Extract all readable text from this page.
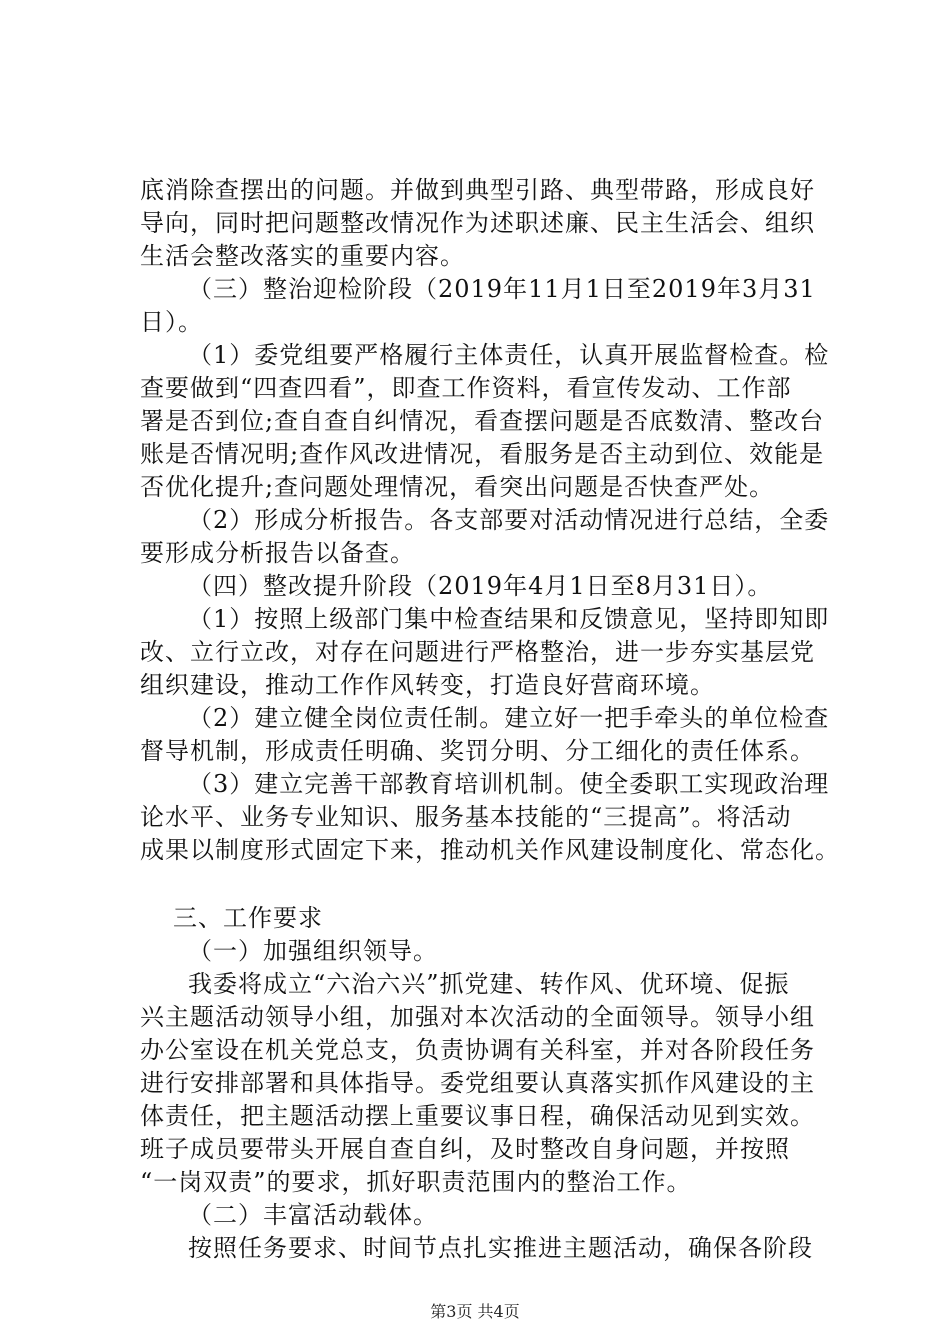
底消除查摆出的问题。并做到典型引路、典型带路，形成良好
导向，同时把问题整改情况作为述职述廉、民主生活会、组织
生活会整改落实的重要内容。
（三）整治迎检阶段（2019年11月1日至2019年3月31
日）。
（1）委党组要严格履行主体责任，认真开展监督检查。检
查要做到“四查四看”，即查工作资料，看宣传发动、工作部
署是否到位;查自查自纠情况，看查摆问题是否底数清、整改台
账是否情况明;查作风改进情况，看服务是否主动到位、效能是
否优化提升;查问题处理情况，看突出问题是否快查严处。
（2）形成分析报告。各支部要对活动情况进行总结，全委
要形成分析报告以备查。
（四）整改提升阶段（2019年4月1日至8月31日）。
（1）按照上级部门集中检查结果和反馈意见，坚持即知即
改、立行立改，对存在问题进行严格整治，进一步夯实基层党
组织建设，推动工作作风转变，打造良好营商环境。
（2）建立健全岗位责任制。建立好一把手牵头的单位检查
督导机制，形成责任明确、奖罚分明、分工细化的责任体系。
（3）建立完善干部教育培训机制。使全委职工实现政治理
论水平、业务专业知识、服务基本技能的“三提高”。将活动
成果以制度形式固定下来，推动机关作风建设制度化、常态化。
三、工作要求
（一）加强组织领导。
我委将成立“六治六兴”抓党建、转作风、优环境、促振
兴主题活动领导小组，加强对本次活动的全面领导。领导小组
办公室设在机关党总支，负责协调有关科室，并对各阶段任务
进行安排部署和具体指导。委党组要认真落实抓作风建设的主
体责任，把主题活动摆上重要议事日程，确保活动见到实效。
班子成员要带头开展自查自纠，及时整改自身问题，并按照
“一岗双责”的要求，抓好职责范围内的整治工作。
（二）丰富活动载体。
按照任务要求、时间节点扎实推进主题活动，确保各阶段
第3页 共4页
